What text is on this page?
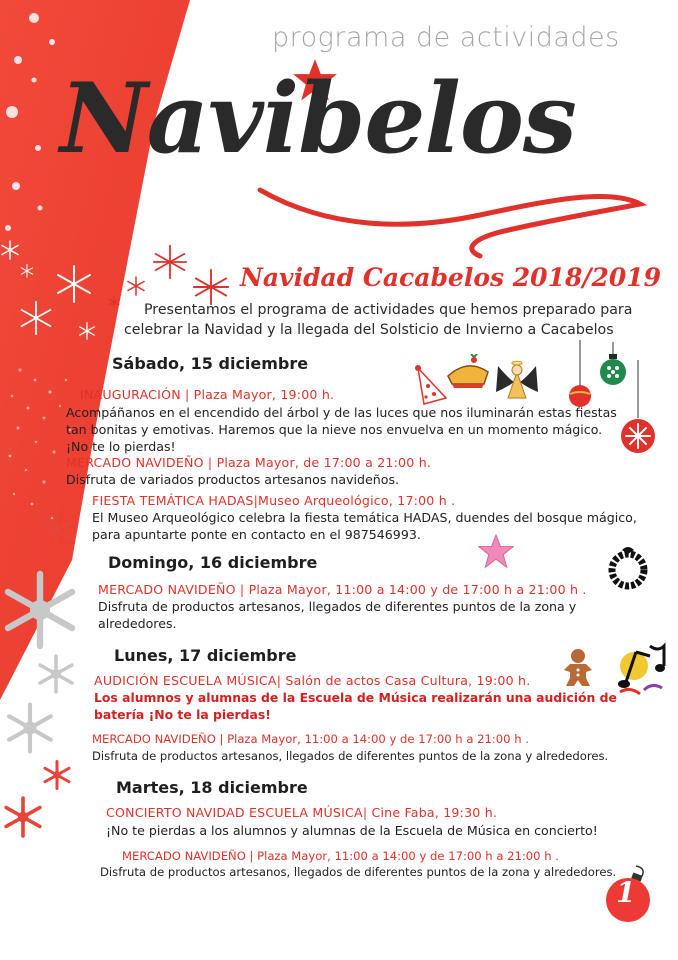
programa de actividades
Navibelos
Navidad Cacabelos 2018/2019
Presentamos el programa de actividades que hemos preparado para
celebrar la Navidad y la llegada del Solsticio de Invierno a Cacabelos
Sábado, 15 diciembre
INAUGURACIÓN | Plaza Mayor, 19:00 h.
Acompáñanos en el encendido del árbol y de las luces que nos iluminarán estas fiestas
tan bonitas y emotivas. Haremos que la nieve nos envuelva en un momento mágico.
¡No te lo pierdas!
MERCADO NAVIDEÑO | Plaza Mayor, de 17:00 a 21:00 h.
Disfruta de variados productos artesanos navideños.
FIESTA TEMÁTICA HADAS|Museo Arqueológico, 17:00 h .
El Museo Arqueológico celebra la fiesta temática HADAS, duendes del bosque mágico,
para apuntarte ponte en contacto en el 987546993.
Domingo, 16 diciembre
MERCADO NAVIDEÑO | Plaza Mayor, 11:00 a 14:00 y de 17:00 h a 21:00 h .
Disfruta de productos artesanos, llegados de diferentes puntos de la zona y
alrededores.
Lunes, 17 diciembre
AUDICIÓN ESCUELA MÚSICA| Salón de actos Casa Cultura, 19:00 h.
Los alumnos y alumnas de la Escuela de Música realizarán una audición de
batería ¡No te la pierdas!
MERCADO NAVIDEÑO | Plaza Mayor, 11:00 a 14:00 y de 17:00 h a 21:00 h .
Disfruta de productos artesanos, llegados de diferentes puntos de la zona y alrededores.
Martes, 18 diciembre
CONCIERTO NAVIDAD ESCUELA MÚSICA| Cine Faba, 19:30 h.
¡No te pierdas a los alumnos y alumnas de la Escuela de Música en concierto!
MERCADO NAVIDEÑO | Plaza Mayor, 11:00 a 14:00 y de 17:00 h a 21:00 h .
Disfruta de productos artesanos, llegados de diferentes puntos de la zona y alrededores.
1
